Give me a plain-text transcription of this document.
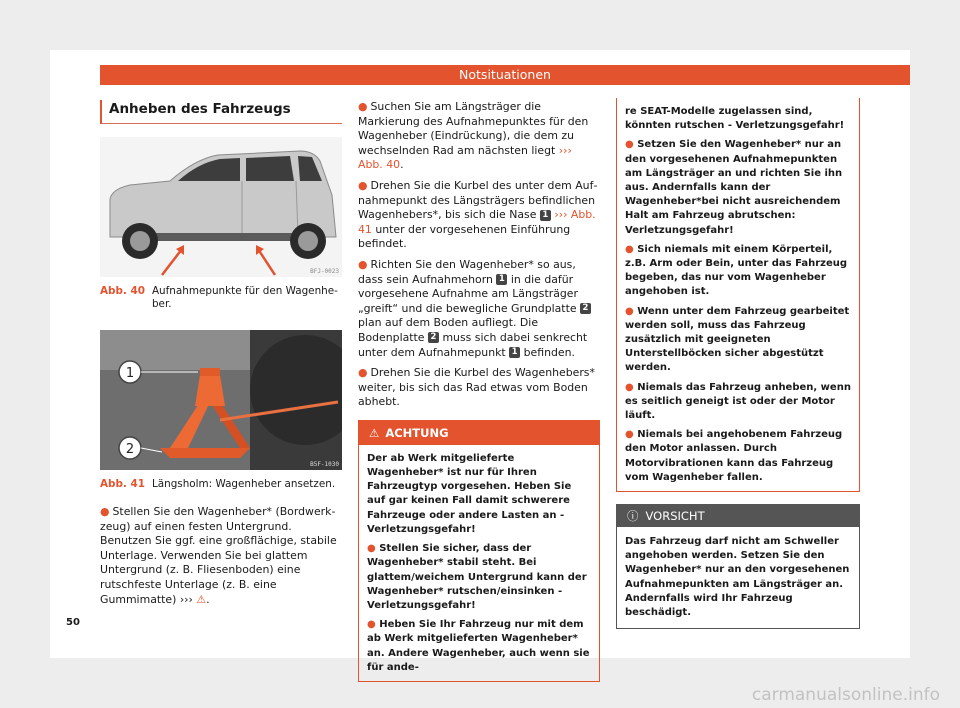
Notsituationen
Anheben des Fahrzeugs
BFJ-0023
Abb. 40 Aufnahmepunkte für den Wagenheber.
1
2
B5F-1030
Abb. 41 Längsholm: Wagenheber ansetzen.
● Stellen Sie den Wagenheber* (Bordwerkzeug) auf einen festen Untergrund. Benutzen Sie ggf. eine großflächige, stabile Unterlage. Verwenden Sie bei glattem Untergrund (z. B. Fliesenboden) eine rutschfeste Unterlage (z. B. eine Gummimatte) ››› ⚠.
● Suchen Sie am Längsträger die Markierung des Aufnahmepunktes für den Wagenheber (Eindrückung), die dem zu wechselnden Rad am nächsten liegt ››› Abb. 40.
● Drehen Sie die Kurbel des unter dem Aufnahmepunkt des Längsträgers befindlichen Wagenhebers*, bis sich die Nase 1 ››› Abb. 41 unter der vorgesehenen Einführung befindet.
● Richten Sie den Wagenheber* so aus, dass sein Aufnahmehorn 1 in die dafür vorgesehene Aufnahme am Längsträger „greift“ und die bewegliche Grundplatte 2 plan auf dem Boden aufliegt. Die Bodenplatte 2 muss sich dabei senkrecht unter dem Aufnahmepunkt 1 befinden.
● Drehen Sie die Kurbel des Wagenhebers* weiter, bis sich das Rad etwas vom Boden abhebt.
⚠ ACHTUNG

Der ab Werk mitgelieferte Wagenheber* ist nur für Ihren Fahrzeugtyp vorgesehen. Heben Sie auf gar keinen Fall damit schwerere Fahrzeuge oder andere Lasten an - Verletzungsgefahr!

● Stellen Sie sicher, dass der Wagenheber* stabil steht. Bei glattem/weichem Untergrund kann der Wagenheber* rutschen/einsinken - Verletzungsgefahr!

● Heben Sie Ihr Fahrzeug nur mit dem ab Werk mitgelieferten Wagenheber* an. Andere Wagenheber, auch wenn sie für ande-

re SEAT-Modelle zugelassen sind, könnten rutschen - Verletzungsgefahr!

● Setzen Sie den Wagenheber* nur an den vorgesehenen Aufnahmepunkten am Längsträger an und richten Sie ihn aus. Andernfalls kann der Wagenheber*bei nicht ausreichendem Halt am Fahrzeug abrutschen: Verletzungsgefahr!

● Sich niemals mit einem Körperteil, z.B. Arm oder Bein, unter das Fahrzeug begeben, das nur vom Wagenheber angehoben ist.

● Wenn unter dem Fahrzeug gearbeitet werden soll, muss das Fahrzeug zusätzlich mit geeigneten Unterstellböcken sicher abgestützt werden.

● Niemals das Fahrzeug anheben, wenn es seitlich geneigt ist oder der Motor läuft.

● Niemals bei angehobenem Fahrzeug den Motor anlassen. Durch Motorvibrationen kann das Fahrzeug vom Wagenheber fallen.

ⓘ VORSICHT
Das Fahrzeug darf nicht am Schweller angehoben werden. Setzen Sie den Wagenheber* nur an den vorgesehenen Aufnahmepunkten am Längsträger an. Andernfalls wird Ihr Fahrzeug beschädigt.
50
carmanualsonline.info
